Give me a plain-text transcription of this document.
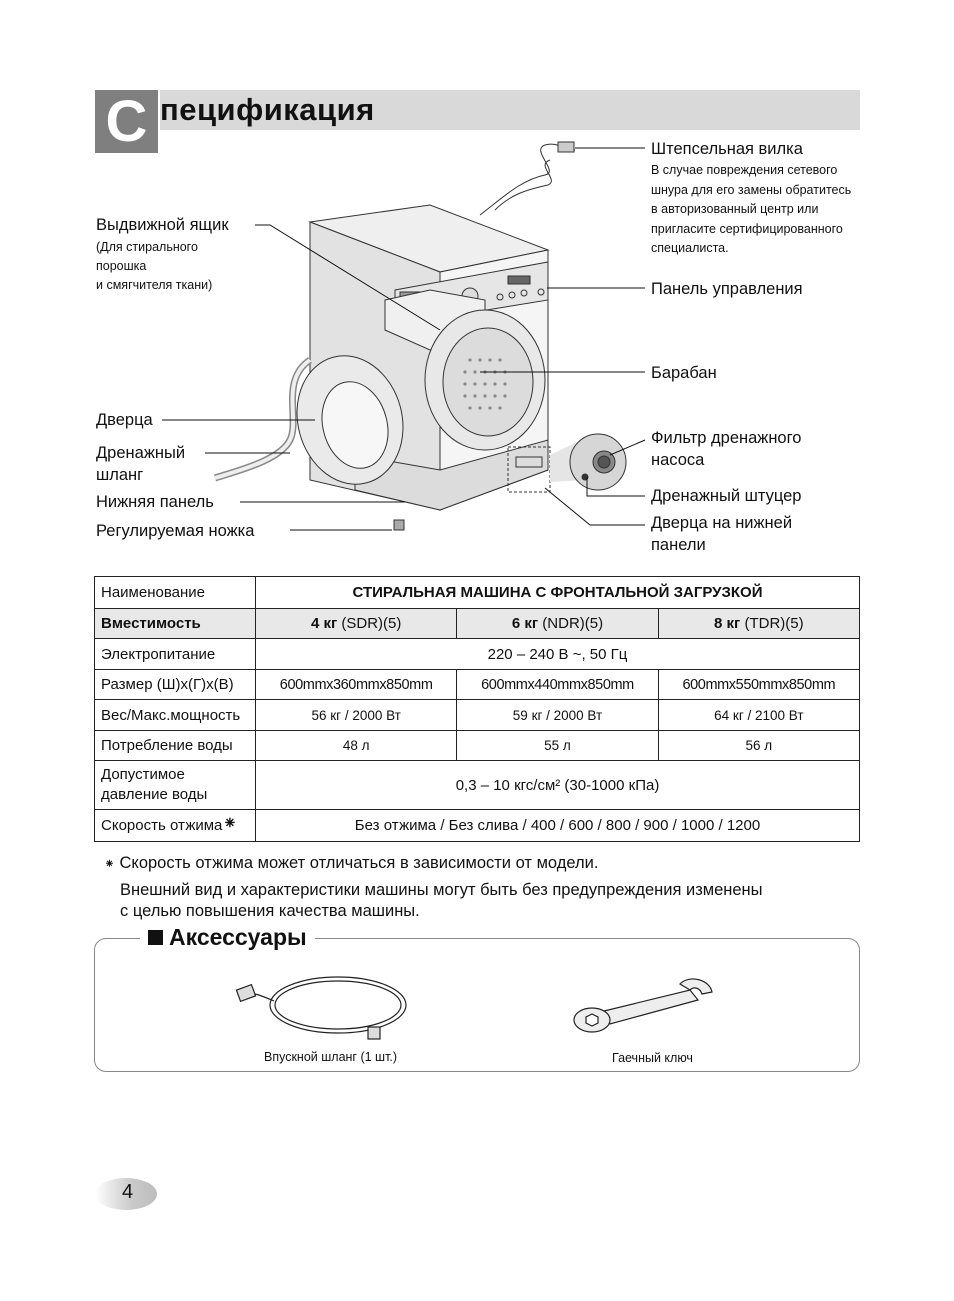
С пецификация
Штепсельная вилка
В случае повреждения сетевого
шнура для его замены обратитесь
в авторизованный центр или
пригласите сертифицированного
специалиста.
Панель управления
Барабан
Фильтр дренажного
насоса
Дренажный штуцер
Дверца на нижней
панели
Выдвижной ящик
(Для стирального
порошка
и смягчителя ткани)
Дверца
Дренажный
шланг
Нижняя панель
Регулируемая ножка
Наименование	СТИРАЛЬНАЯ МАШИНА С ФРОНТАЛЬНОЙ ЗАГРУЗКОЙ		
Вместимость	4 кг (SDR)(5)	6 кг (NDR)(5)	8 кг (TDR)(5)
Электропитание	220 – 240 В ~, 50 Гц		
Размер (Ш)x(Г)x(В)	600mmx360mmx850mm	600mmx440mmx850mm	600mmx550mmx850mm
Вес/Макс.мощность	56 кг / 2000 Вт	59 кг / 2000 Вт	64 кг / 2100 Вт
Потребление воды	48 л	55 л	56 л

Допустимое
давление воды	0,3 – 10 кгс/см² (30-1000 кПа)		
Скорость отжима⁕	Без отжима / Без слива / 400 / 600 / 800 / 900 / 1000 / 1200		
⁕ Скорость отжима может отличаться в зависимости от модели.
Внешний вид и характеристики машины могут быть без предупреждения изменены
с целью повышения качества машины.
Аксессуары
Впускной шланг (1 шт.)	Гаечный ключ
4
